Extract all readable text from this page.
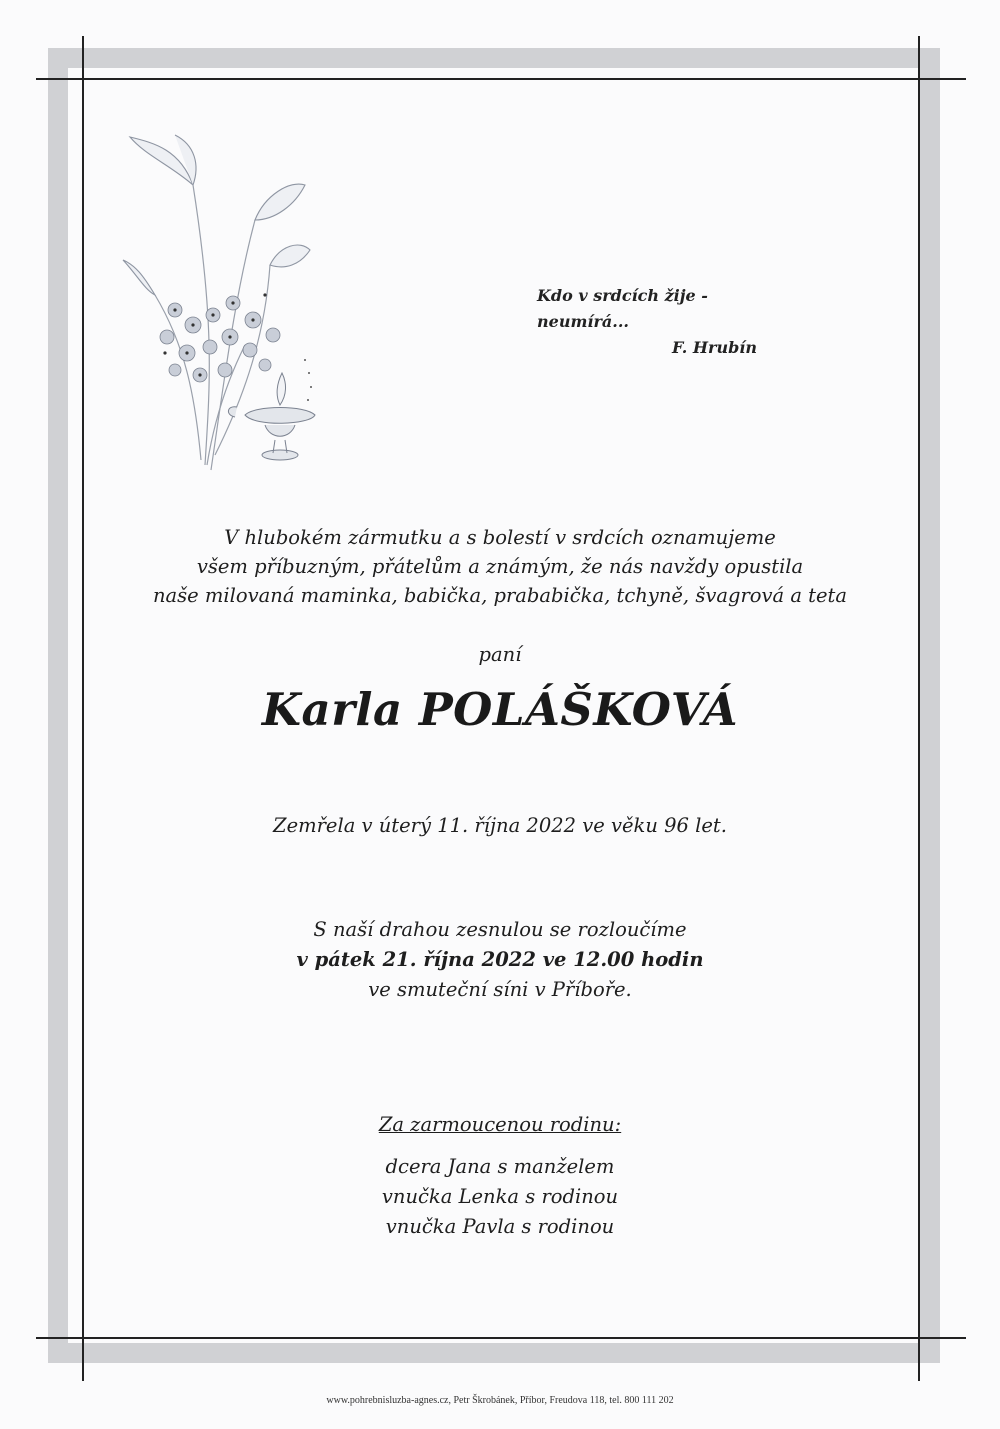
Kdo v srdcích žije - neumírá...
F. Hrubín
V hlubokém zármutku a s bolestí v srdcích oznamujeme
všem příbuzným, přátelům a známým, že nás navždy opustila
naše milovaná maminka, babička, prababička, tchyně, švagrová a teta
paní
Karla POLÁŠKOVÁ
Zemřela v úterý 11. října 2022 ve věku 96 let.
S naší drahou zesnulou se rozloučíme
v pátek 21. října 2022 ve 12.00 hodin
ve smuteční síni v Příboře.
Za zarmoucenou rodinu:
dcera Jana s manželem
vnučka Lenka s rodinou
vnučka Pavla s rodinou
www.pohrebnisluzba-agnes.cz, Petr Škrobánek, Příbor, Freudova 118, tel. 800 111 202
